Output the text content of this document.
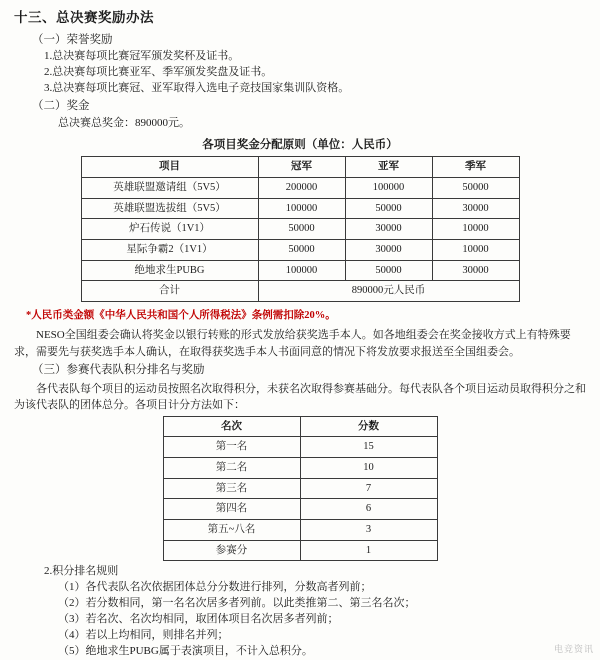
十三、总决赛奖励办法
（一）荣誉奖励
1.总决赛每项比赛冠军颁发奖杯及证书。
2.总决赛每项比赛亚军、季军颁发奖盘及证书。
3.总决赛每项比赛冠、亚军取得入选电子竞技国家集训队资格。
（二）奖金
总决赛总奖金：890000元。
各项目奖金分配原则（单位：人民币）
项目	冠军	亚军	季军
英雄联盟邀请组（5V5）	200000	100000	50000
英雄联盟选拔组（5V5）	100000	50000	30000
炉石传说（1V1）	50000	30000	10000
星际争霸2（1V1）	50000	30000	10000
绝地求生PUBG	100000	50000	30000
合计	890000元人民币		
*人民币类金额《中华人民共和国个人所得税法》条例需扣除20%。
NESO全国组委会确认将奖金以银行转账的形式发放给获奖选手本人。如各地组委会在奖金接收方式上有特殊要求，需要先与获奖选手本人确认，在取得获奖选手本人书面同意的情况下将发放要求报送至全国组委会。
（三）参赛代表队积分排名与奖励
各代表队每个项目的运动员按照名次取得积分，未获名次取得参赛基础分。每代表队各个项目运动员取得积分之和为该代表队的团体总分。各项目计分方法如下：
名次	分数
第一名	15
第二名	10
第三名	7
第四名	6
第五~八名	3
参赛分	1
2.积分排名规则
（1）各代表队名次依据团体总分分数进行排列，分数高者列前；
（2）若分数相同，第一名名次居多者列前。以此类推第二、第三名名次；
（3）若名次、名次均相同，取团体项目名次居多者列前；
（4）若以上均相同，则排名并列；
（5）绝地求生PUBG属于表演项目，不计入总积分。	电竞资讯
